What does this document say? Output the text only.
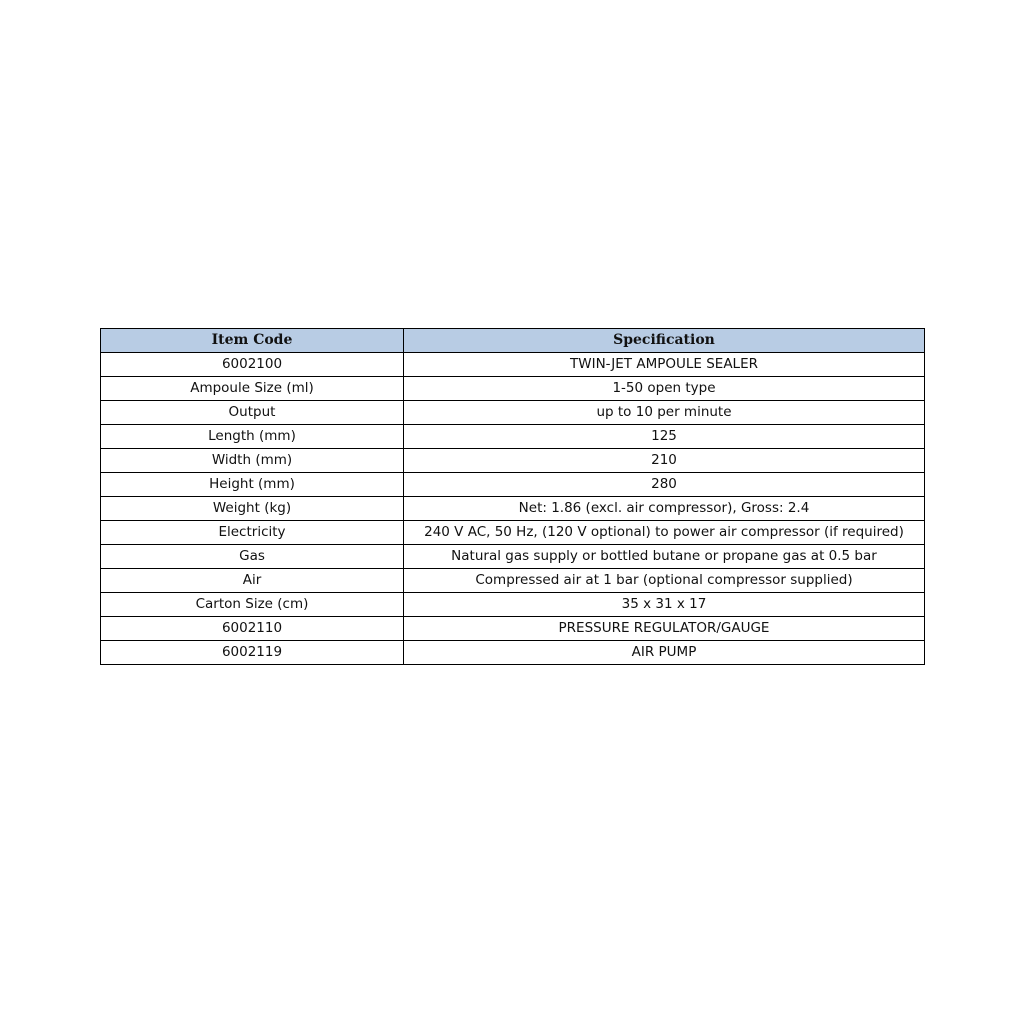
Item Code	Specification
6002100	TWIN-JET AMPOULE SEALER
Ampoule Size (ml)	1-50 open type
Output	up to 10 per minute
Length (mm)	125
Width (mm)	210
Height (mm)	280
Weight (kg)	Net: 1.86 (excl. air compressor), Gross: 2.4
Electricity	240 V AC, 50 Hz, (120 V optional) to power air compressor (if required)
Gas	Natural gas supply or bottled butane or propane gas at 0.5 bar
Air	Compressed air at 1 bar (optional compressor supplied)
Carton Size (cm)	35 x 31 x 17
6002110	PRESSURE REGULATOR/GAUGE
6002119	AIR PUMP
